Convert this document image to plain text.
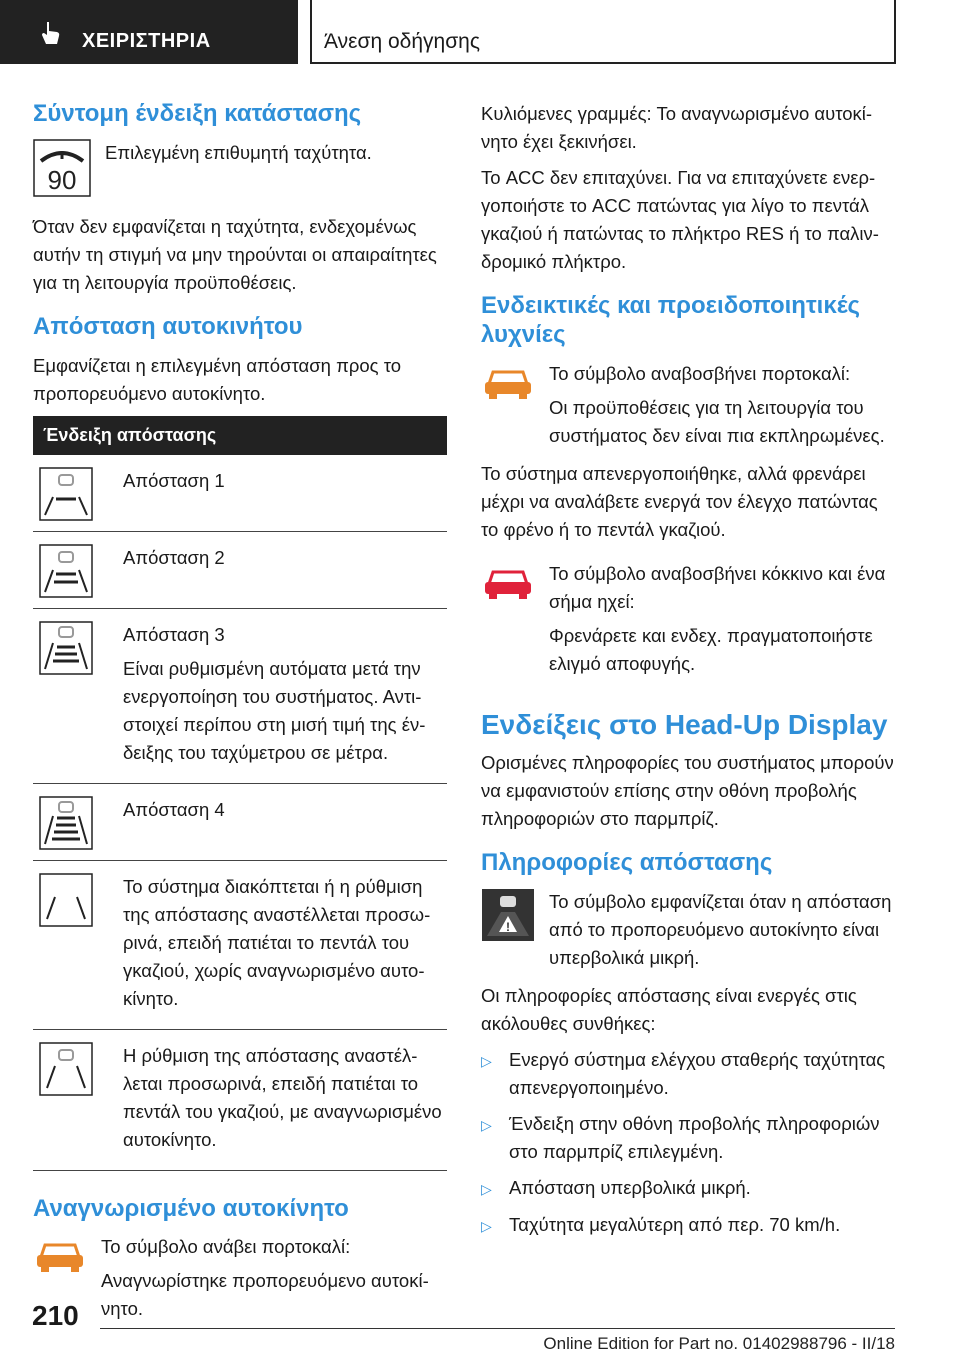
ΧΕΙΡΙΣΤΗΡΙΑ	Άνεση οδήγησης
Σύντομη ένδειξη κατάστασης
90

Επιλεγμένη επιθυμητή ταχύτητα.

Όταν δεν εμφανίζεται η ταχύτητα, ενδεχομένως αυτήν τη στιγμή να μην τηρούνται οι απαιραίτητες για τη λειτουργία προϋποθέσεις.

Απόσταση αυτοκινήτου

Εμφανίζεται η επιλεγμένη απόσταση προς το προπορευόμενο αυτοκίνητο.

Ένδειξη απόστασης

Απόσταση 1

Απόσταση 2

Απόσταση 3

Είναι ρυθμισμένη αυτόματα μετά την ενεργοποίηση του συστήματος. Αντιστοιχεί περίπου στη μισή τιμή της ένδειξης του ταχύμετρου σε μέτρα.

Απόσταση 4

Το σύστημα διακόπτεται ή η ρύθμιση της απόστασης αναστέλλεται προσωρινά, επειδή πατιέται το πεντάλ του γκαζιού, χωρίς αναγνωρισμένο αυτοκίνητο.

Η ρύθμιση της απόστασης αναστέλλεται προσωρινά, επειδή πατιέται το πεντάλ του γκαζιού, με αναγνωρισμένο αυτοκίνητο.

Αναγνωρισμένο αυτοκίνητο

Το σύμβολο ανάβει πορτοκαλί:

Αναγνωρίστηκε προπορευόμενο αυτοκίνητο.

Κυλιόμενες γραμμές: Το αναγνωρισμένο αυτοκίνητο έχει ξεκινήσει.

Το ACC δεν επιταχύνει. Για να επιταχύνετε ενεργοποιήστε το ACC πατώντας για λίγο το πεντάλ γκαζιού ή πατώντας το πλήκτρο RES ή το παλινδρομικό πλήκτρο.

Ενδεικτικές και προειδοποιητικές λυχνίες

Το σύμβολο αναβοσβήνει πορτοκαλί:

Οι προϋποθέσεις για τη λειτουργία του συστήματος δεν είναι πια εκπληρωμένες.

Το σύστημα απενεργοποιήθηκε, αλλά φρενάρει μέχρι να αναλάβετε ενεργά τον έλεγχο πατώντας το φρένο ή το πεντάλ γκαζιού.

Το σύμβολο αναβοσβήνει κόκκινο και ένα σήμα ηχεί:

Φρενάρετε και ενδεχ. πραγματοποιήστε ελιγμό αποφυγής.

Ενδείξεις στο Head-Up Display

Ορισμένες πληροφορίες του συστήματος μπορούν να εμφανιστούν επίσης στην οθόνη προβολής πληροφοριών στο παρμπρίζ.

Πληροφορίες απόστασης
!

Το σύμβολο εμφανίζεται όταν η απόσταση από το προπορευόμενο αυτοκίνητο είναι υπερβολικά μικρή.

Οι πληροφορίες απόστασης είναι ενεργές στις ακόλουθες συνθήκες:

▷ Ενεργό σύστημα ελέγχου σταθερής ταχύτητας απενεργοποιημένο.
▷ Ένδειξη στην οθόνη προβολής πληροφοριών στο παρμπρίζ επιλεγμένη.
▷ Απόσταση υπερβολικά μικρή.
▷ Ταχύτητα μεγαλύτερη από περ. 70 km/h.
210
Online Edition for Part no. 01402988796 - II/18
